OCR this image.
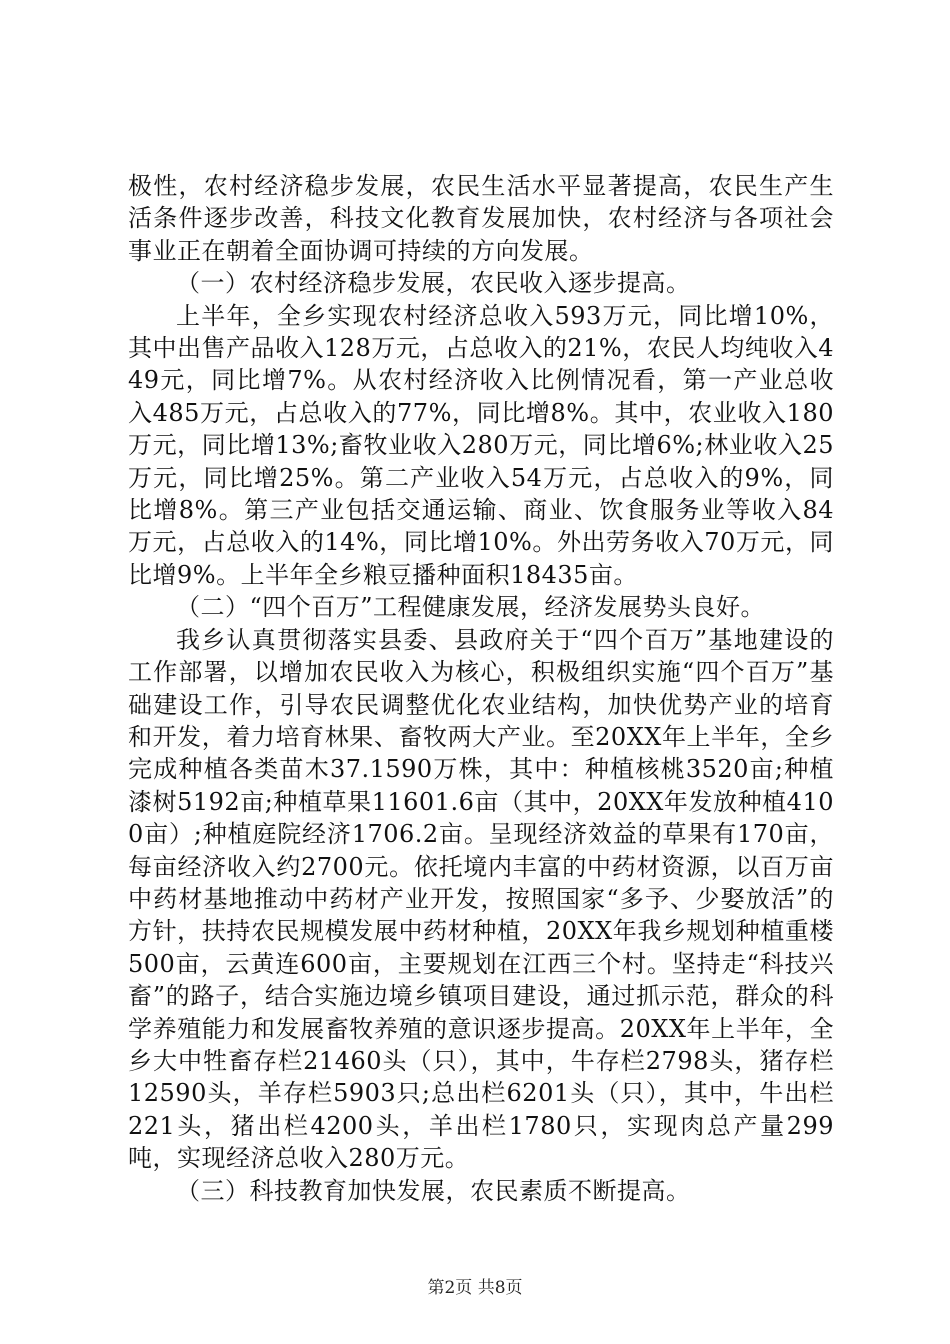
极性，农村经济稳步发展，农民生活水平显著提高，农民生产生活条件逐步改善，科技文化教育发展加快，农村经济与各项社会事业正在朝着全面协调可持续的方向发展。

（一）农村经济稳步发展，农民收入逐步提高。

上半年，全乡实现农村经济总收入593万元，同比增10%，其中出售产品收入128万元，占总收入的21%，农民人均纯收入449元，同比增7%。从农村经济收入比例情况看，第一产业总收入485万元，占总收入的77%，同比增8%。其中，农业收入180万元，同比增13%;畜牧业收入280万元，同比增6%;林业收入25万元，同比增25%。第二产业收入54万元，占总收入的9%，同比增8%。第三产业包括交通运输、商业、饮食服务业等收入84万元，占总收入的14%，同比增10%。外出劳务收入70万元，同比增9%。上半年全乡粮豆播种面积18435亩。

（二）“四个百万”工程健康发展，经济发展势头良好。

我乡认真贯彻落实县委、县政府关于“四个百万”基地建设的工作部署，以增加农民收入为核心，积极组织实施“四个百万”基础建设工作，引导农民调整优化农业结构，加快优势产业的培育和开发，着力培育林果、畜牧两大产业。至20XX年上半年，全乡完成种植各类苗木37.1590万株，其中：种植核桃3520亩;种植漆树5192亩;种植草果11601.6亩（其中，20XX年发放种植4100亩）;种植庭院经济1706.2亩。呈现经济效益的草果有170亩，每亩经济收入约2700元。依托境内丰富的中药材资源，以百万亩中药材基地推动中药材产业开发，按照国家“多予、少娶放活”的方针，扶持农民规模发展中药材种植，20XX年我乡规划种植重楼500亩，云黄连600亩，主要规划在江西三个村。坚持走“科技兴畜”的路子，结合实施边境乡镇项目建设，通过抓示范，群众的科学养殖能力和发展畜牧养殖的意识逐步提高。20XX年上半年，全乡大中牲畜存栏21460头（只），其中，牛存栏2798头，猪存栏12590头，羊存栏5903只;总出栏6201头（只），其中，牛出栏221头，猪出栏4200头，羊出栏1780只，实现肉总产量299吨，实现经济总收入280万元。

（三）科技教育加快发展，农民素质不断提高。

第2页 共8页
